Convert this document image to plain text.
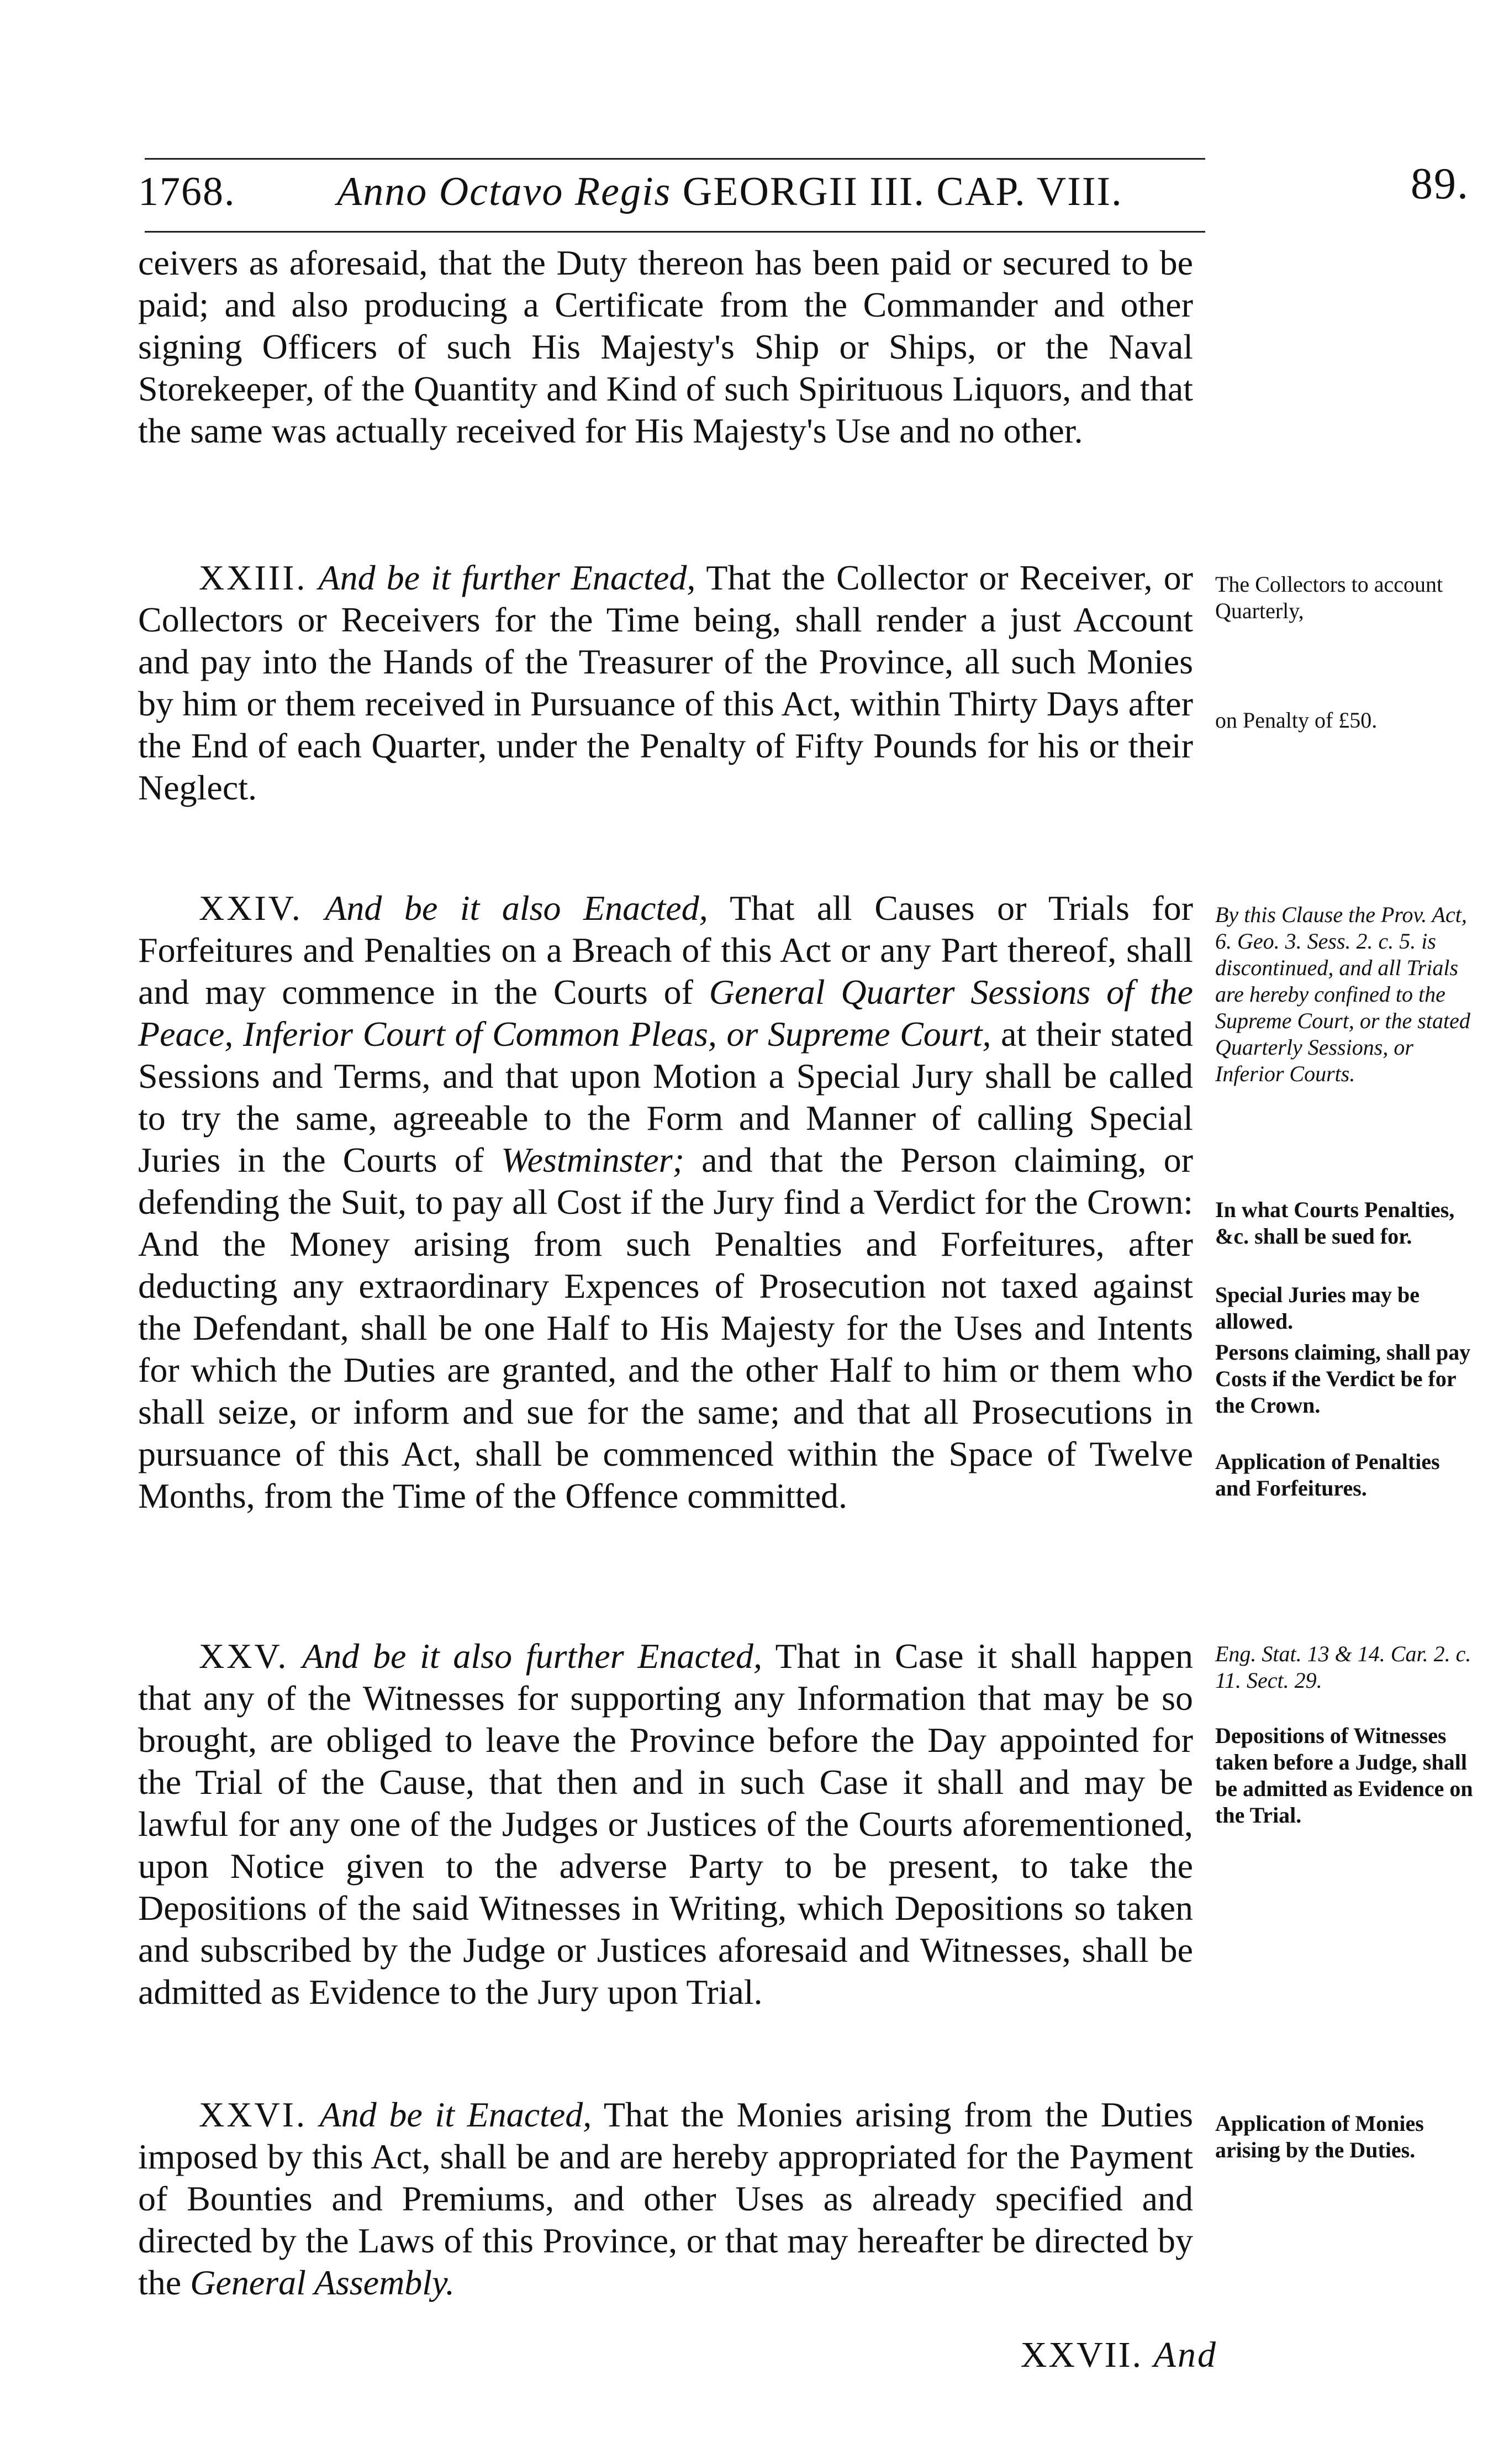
1768. Anno Octavo Regis GEORGII III. CAP. VIII.	89.

ceivers as aforesaid, that the Duty thereon has been paid or secured to be paid; and also producing a Certificate from the Commander and other signing Officers of such His Majesty's Ship or Ships, or the Naval Storekeeper, of the Quantity and Kind of such Spirituous Liquors, and that the same was actually received for His Majesty's Use and no other.

XXIII. And be it further Enacted, That the Collector or Receiver, or Collectors or Receivers for the Time being, shall render a just Account and pay into the Hands of the Treasurer of the Province, all such Monies by him or them received in Pursuance of this Act, within Thirty Days after the End of each Quarter, under the Penalty of Fifty Pounds for his or their Neglect.

XXIV. And be it also Enacted, That all Causes or Trials for Forfeitures and Penalties on a Breach of this Act or any Part thereof, shall and may commence in the Courts of General Quarter Sessions of the Peace, Inferior Court of Common Pleas, or Supreme Court, at their stated Sessions and Terms, and that upon Motion a Special Jury shall be called to try the same, agreeable to the Form and Manner of calling Special Juries in the Courts of Westminster; and that the Person claiming, or defending the Suit, to pay all Cost if the Jury find a Verdict for the Crown: And the Money arising from such Penalties and Forfeitures, after deducting any extraordinary Expences of Prosecution not taxed against the Defendant, shall be one Half to His Majesty for the Uses and Intents for which the Duties are granted, and the other Half to him or them who shall seize, or inform and sue for the same; and that all Prosecutions in pursuance of this Act, shall be commenced within the Space of Twelve Months, from the Time of the Offence committed.

XXV. And be it also further Enacted, That in Case it shall happen that any of the Witnesses for supporting any Information that may be so brought, are obliged to leave the Province before the Day appointed for the Trial of the Cause, that then and in such Case it shall and may be lawful for any one of the Judges or Justices of the Courts aforementioned, upon Notice given to the adverse Party to be present, to take the Depositions of the said Witnesses in Writing, which Depositions so taken and subscribed by the Judge or Justices aforesaid and Witnesses, shall be admitted as Evidence to the Jury upon Trial.

XXVI. And be it Enacted, That the Monies arising from the Duties imposed by this Act, shall be and are hereby appropriated for the Payment of Bounties and Premiums, and other Uses as already specified and directed by the Laws of this Province, or that may hereafter be directed by the General Assembly.

The Collectors to account Quarterly,
on Penalty of £50.
By this Clause the Prov. Act, 6. Geo. 3. Sess. 2. c. 5. is discontinued, and all Trials are hereby confined to the Supreme Court, or the stated Quarterly Sessions, or Inferior Courts.
In what Courts Penalties, &c. shall be sued for.
Special Juries may be allowed.
Persons claiming, shall pay Costs if the Verdict be for the Crown.
Application of Penalties and Forfeitures.
Eng. Stat. 13 & 14. Car. 2. c. 11. Sect. 29.
Depositions of Witnesses taken before a Judge, shall be admitted as Evidence on the Trial.
Application of Monies arising by the Duties.
XXVII. And
